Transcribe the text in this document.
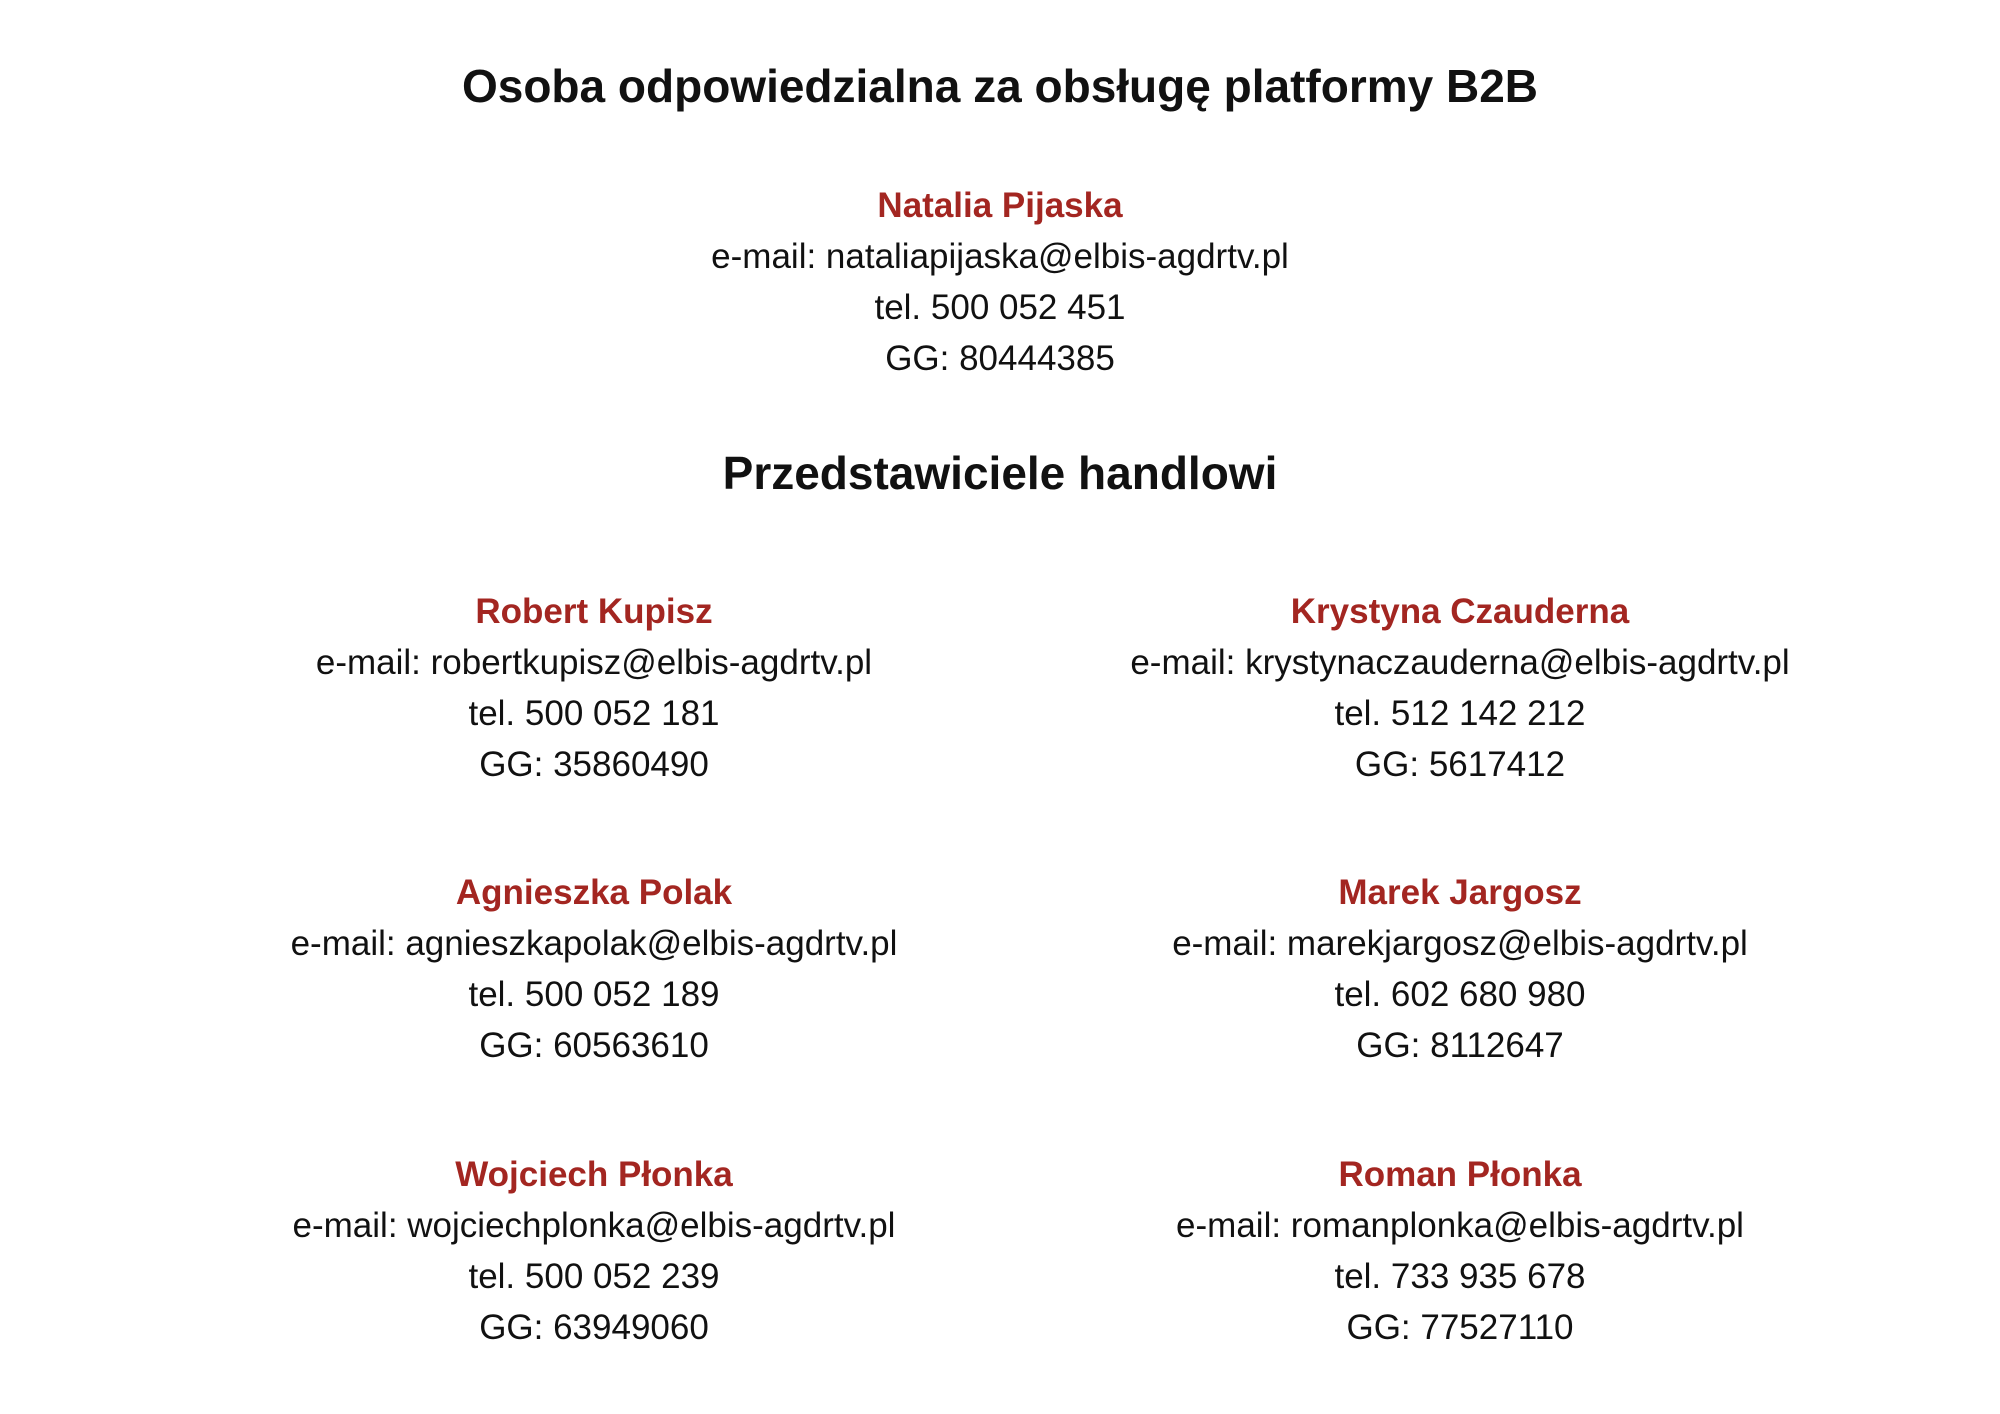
Osoba odpowiedzialna za obsługę platformy B2B
Natalia Pijaska
e-mail: nataliapijaska@elbis-agdrtv.pl
tel. 500 052 451
GG: 80444385
Przedstawiciele handlowi
Robert Kupisz
e-mail: robertkupisz@elbis-agdrtv.pl
tel. 500 052 181
GG: 35860490
Krystyna Czauderna
e-mail: krystynaczauderna@elbis-agdrtv.pl
tel. 512 142 212
GG: 5617412
Agnieszka Polak
e-mail: agnieszkapolak@elbis-agdrtv.pl
tel. 500 052 189
GG: 60563610
Marek Jargosz
e-mail: marekjargosz@elbis-agdrtv.pl
tel. 602 680 980
GG: 8112647
Wojciech Płonka
e-mail: wojciechplonka@elbis-agdrtv.pl
tel. 500 052 239
GG: 63949060
Roman Płonka
e-mail: romanplonka@elbis-agdrtv.pl
tel. 733 935 678
GG: 77527110
